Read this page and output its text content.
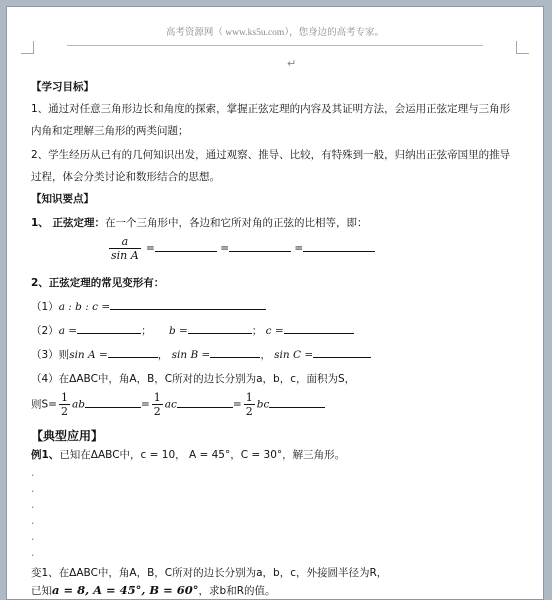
高考资源网（ www.ks5u.com），您身边的高考专家。
↵
【学习目标】
1、通过对任意三角形边长和角度的探索，掌握正弦定理的内容及其证明方法，会运用正弦定理与三角形
内角和定理解三角形的两类问题；
2、学生经历从已有的几何知识出发，通过观察、推导、比较，有特殊到一般，归纳出正弦帝国里的推导
过程，体会分类讨论和数形结合的思想。
【知识要点】
1、 正弦定理：在一个三角形中，各边和它所对角的正弦的比相等，即：
$\frac{a}{\text{sin A}}$ =	=	=
2、正弦定理的常见变形有：
（1）a : b : c =
（2）a =	； b =	； c =
（3）则sin A =	， sin B =	， sin C =
（4）在ΔABC中，角A，B，C所对的边长分别为a，b，c，面积为S，
则$S= \frac{1}{2}$ ab	= $\frac{1}{2}$ ac	= $\frac{1}{2}$ bc
【典型应用】
例1、已知在ΔABC中，c = 10， A = 45°，C = 30°，解三角形。
.
.
.
.
.
.
变1、在ΔABC中，角A，B，C所对的边长分别为a，b，c，外接圆半径为R，
已知a = 8, A = 45°, B = 60°，求b和R的值。
